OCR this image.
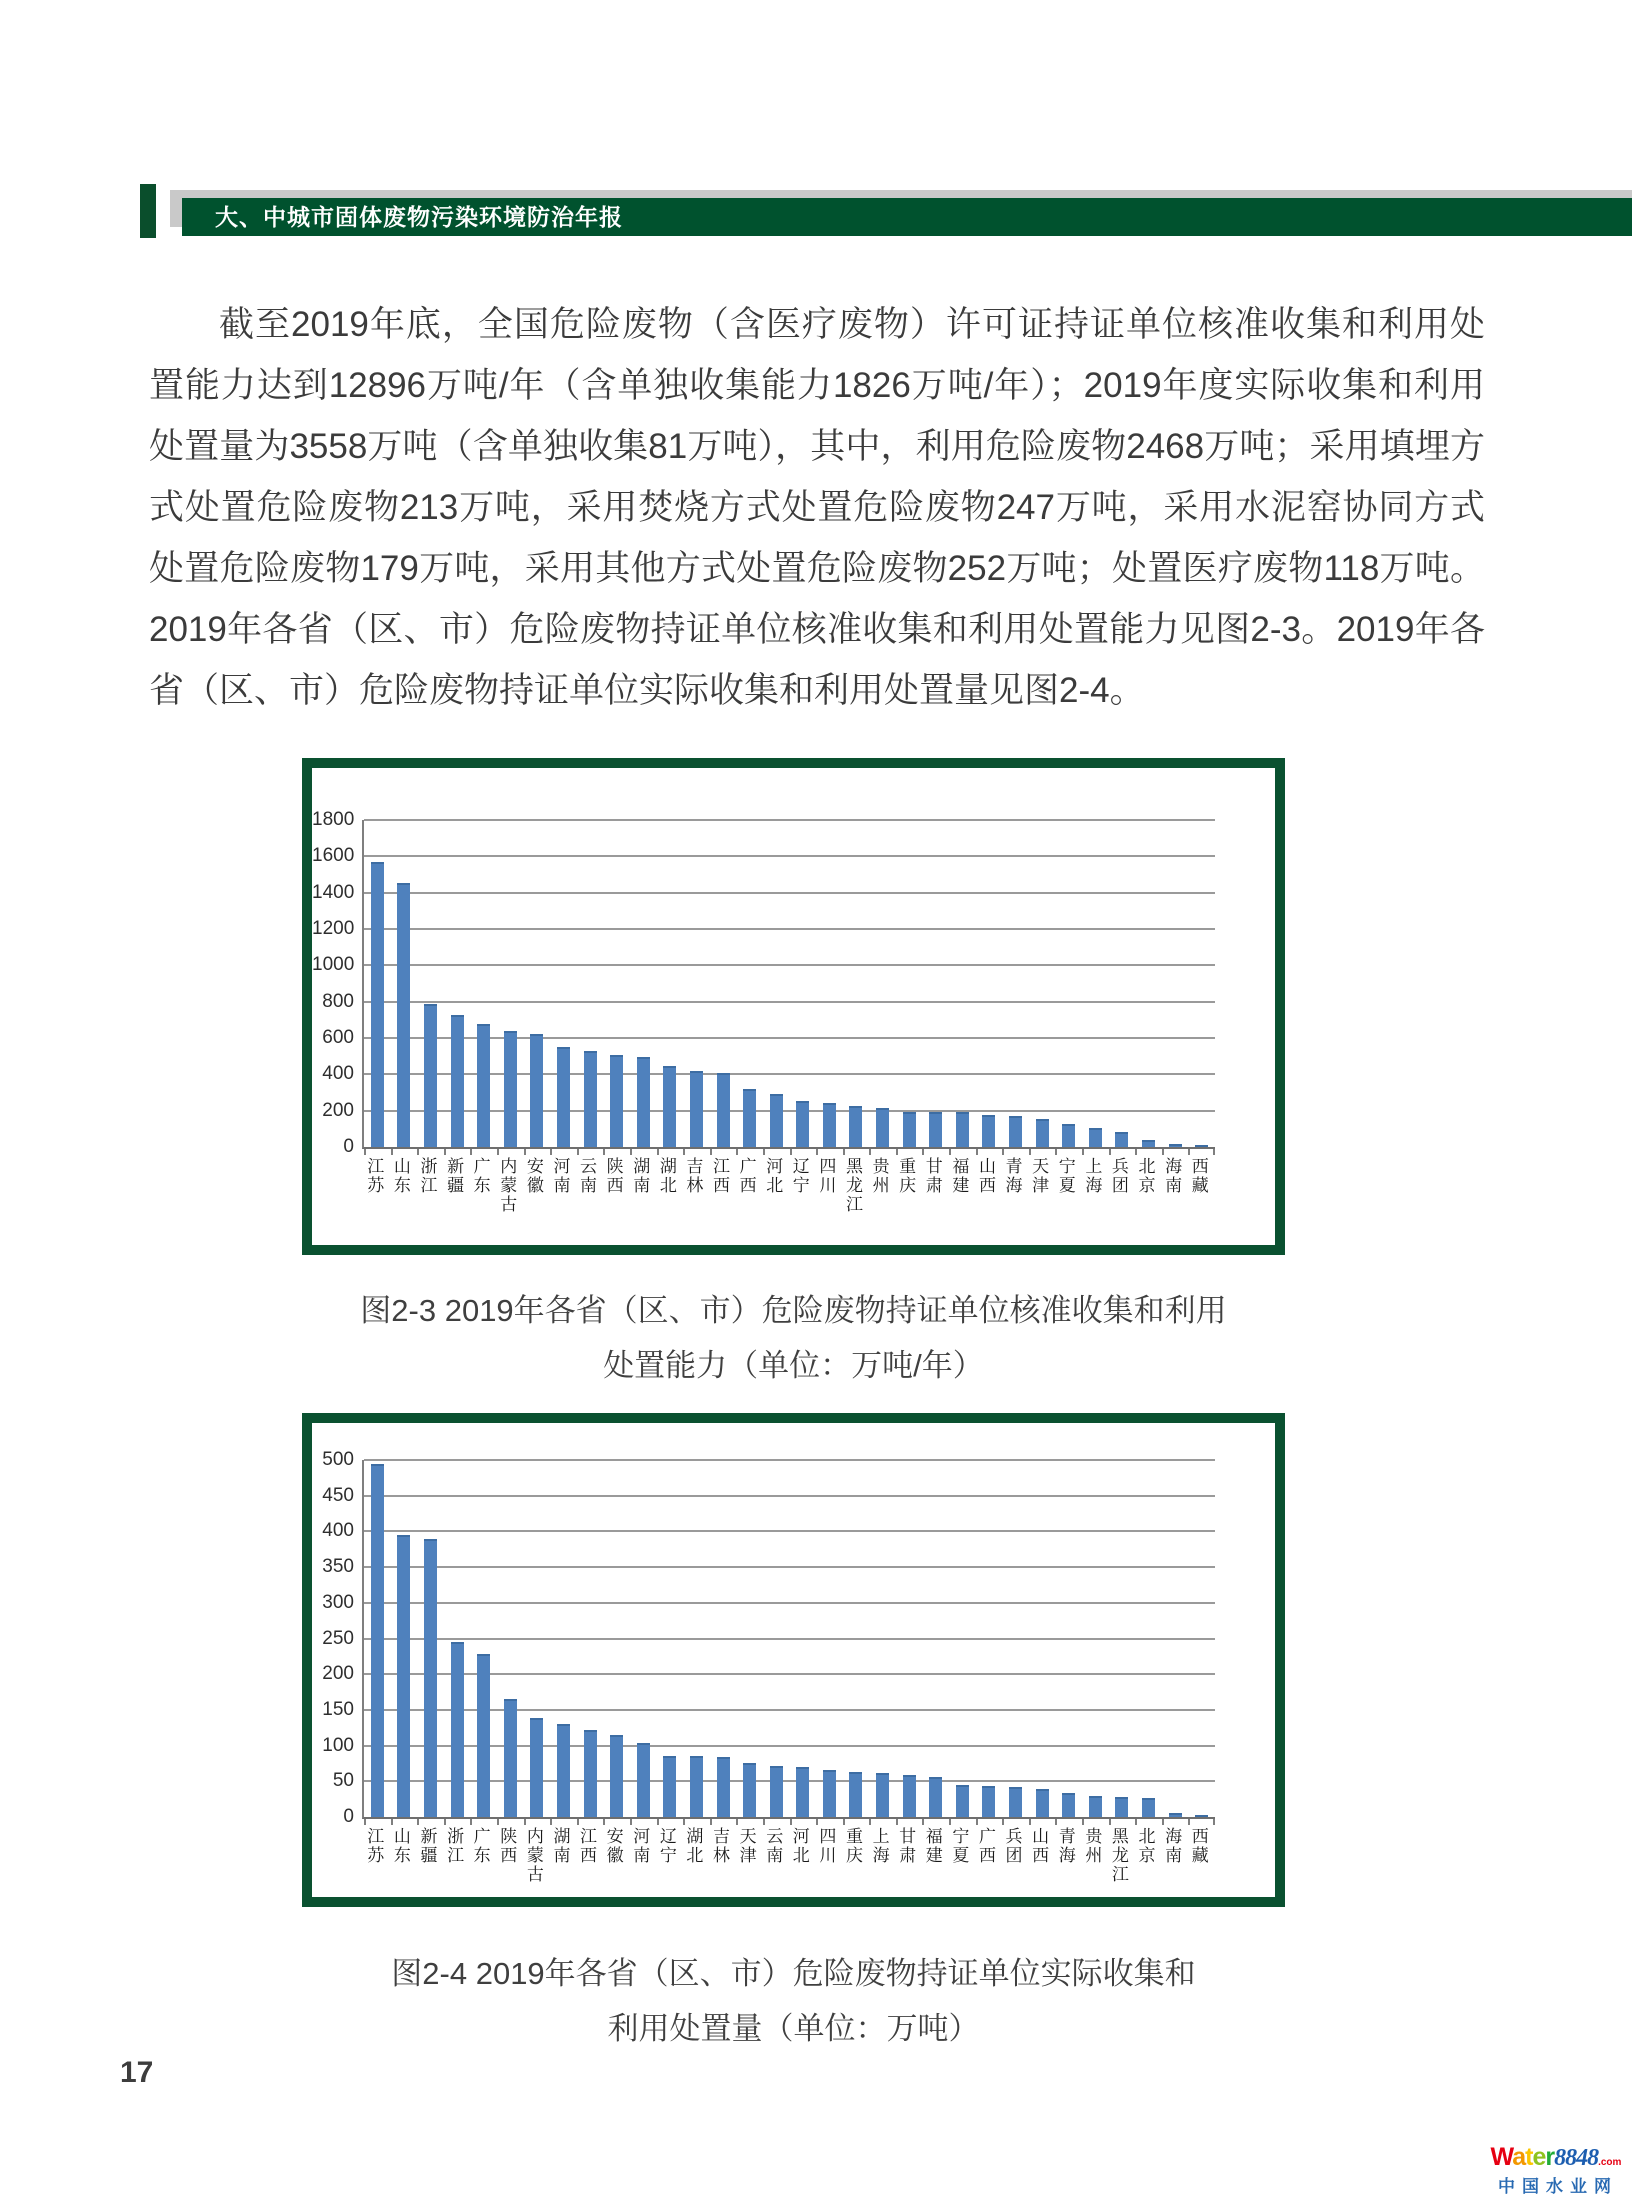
大、中城市固体废物污染环境防治年报
截至2019年底，全国危险废物（含医疗废物）许可证持证单位核准收集和利用处置能力达到12896万吨/年（含单独收集能力1826万吨/年）；2019年度实际收集和利用处置量为3558万吨（含单独收集81万吨），其中，利用危险废物2468万吨；采用填埋方式处置危险废物213万吨，采用焚烧方式处置危险废物247万吨，采用水泥窑协同方式处置危险废物179万吨，采用其他方式处置危险废物252万吨；处置医疗废物118万吨。2019年各省（区、市）危险废物持证单位核准收集和利用处置能力见图2-3。2019年各省（区、市）危险废物持证单位实际收集和利用处置量见图2-4。
0
200
400
600
800
1000
1200
1400
1600
1800
江
苏
山
东
浙
江
新
疆
广
东
内
蒙
古
安
徽
河
南
云
南
陕
西
湖
南
湖
北
吉
林
江
西
广
西
河
北
辽
宁
四
川
黑
龙
江
贵
州
重
庆
甘
肃
福
建
山
西
青
海
天
津
宁
夏
上
海
兵
团
北
京
海
南
西
藏
图2-3 2019年各省（区、市）危险废物持证单位核准收集和利用
处置能力（单位：万吨/年）
0
50
100
150
200
250
300
350
400
450
500
江
苏
山
东
新
疆
浙
江
广
东
陕
西
内
蒙
古
湖
南
江
西
安
徽
河
南
辽
宁
湖
北
吉
林
天
津
云
南
河
北
四
川
重
庆
上
海
甘
肃
福
建
宁
夏
广
西
兵
团
山
西
青
海
贵
州
黑
龙
江
北
京
海
南
西
藏
图2-4 2019年各省（区、市）危险废物持证单位实际收集和
利用处置量（单位：万吨）
17
Water8848.com
中国水业网
